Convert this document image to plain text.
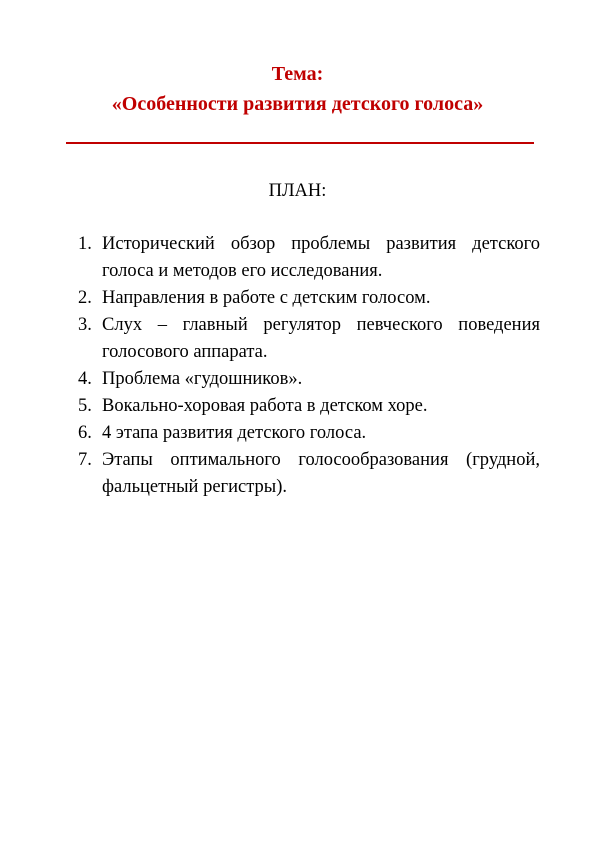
Тема:
«Особенности развития детского голоса»
ПЛАН:
1. Исторический обзор проблемы развития детского голоса и методов его исследования.
2. Направления в работе с детским голосом.
3. Слух – главный регулятор певческого поведения голосового аппарата.
4. Проблема «гудошников».
5. Вокально-хоровая работа в детском хоре.
6. 4 этапа развития детского голоса.
7. Этапы оптимального голосообразования (грудной, фальцетный регистры).
